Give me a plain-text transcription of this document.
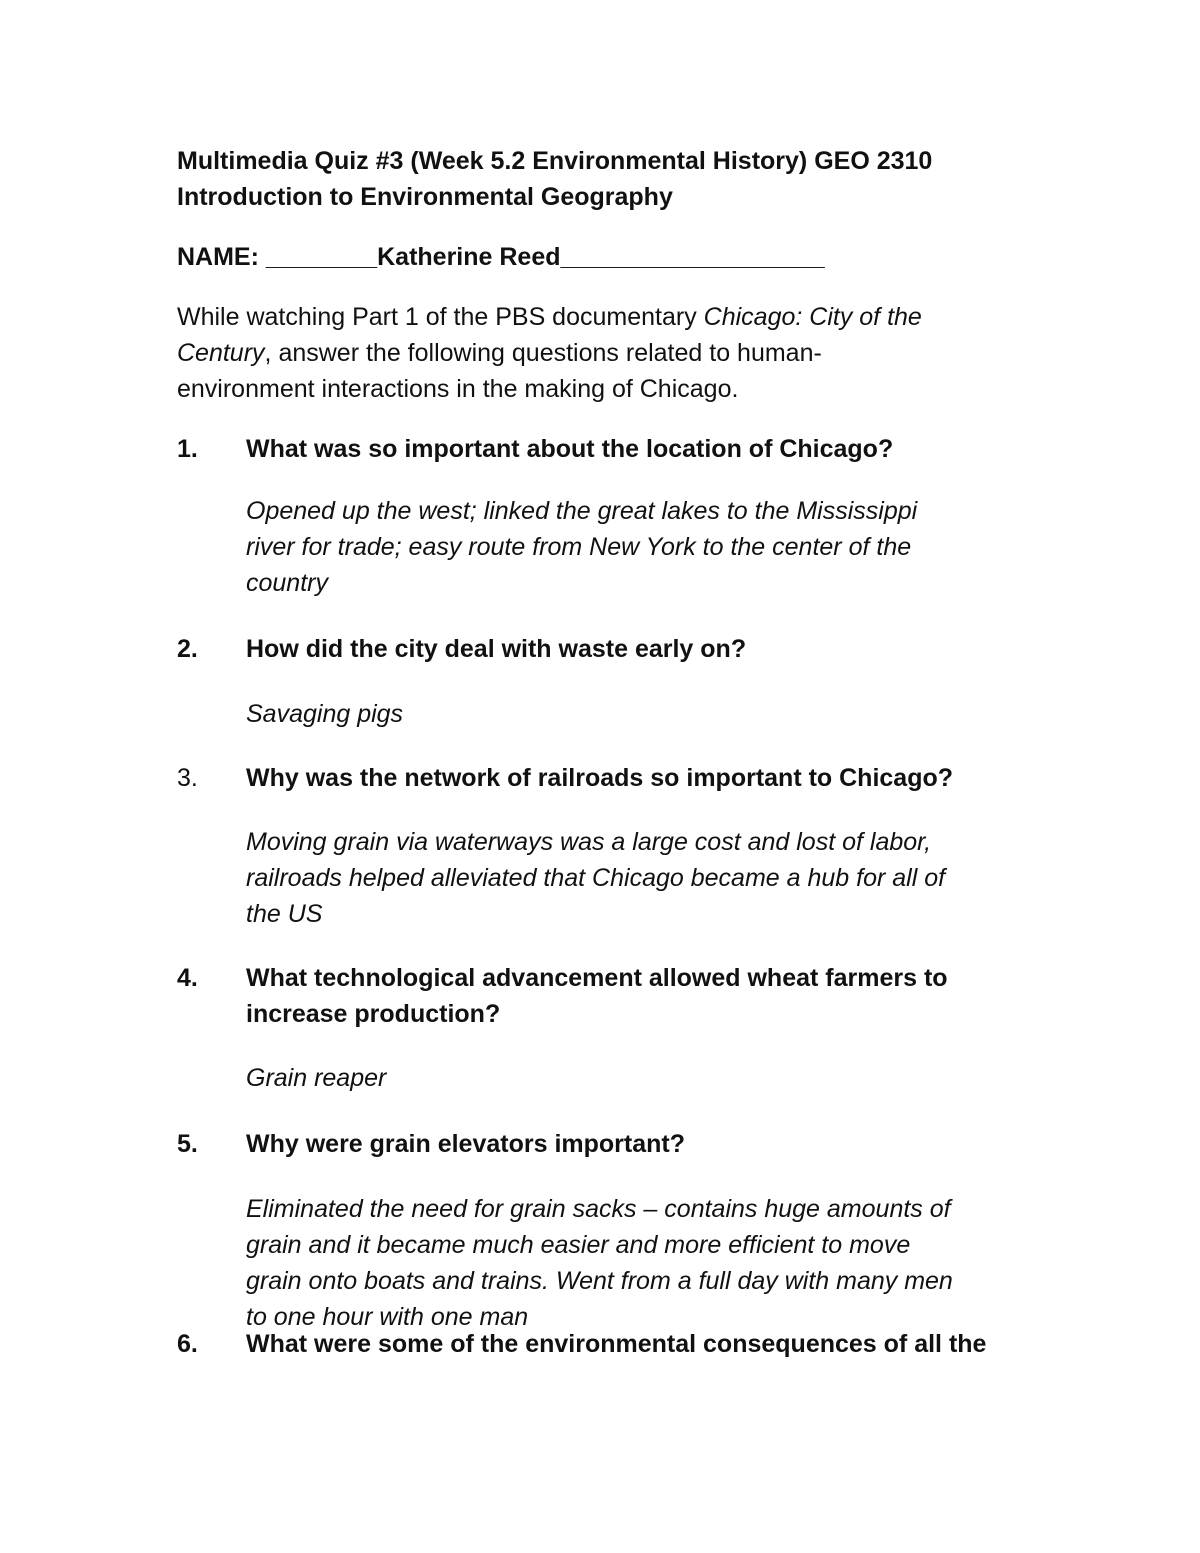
Multimedia Quiz #3 (Week 5.2 Environmental History) GEO 2310
Introduction to Environmental Geography
NAME: ________Katherine Reed___________________
While watching Part 1 of the PBS documentary Chicago: City of the
Century, answer the following questions related to human-
environment interactions in the making of Chicago.
1. What was so important about the location of Chicago?
Opened up the west; linked the great lakes to the Mississippi
river for trade; easy route from New York to the center of the
country
2. How did the city deal with waste early on?
Savaging pigs
3. Why was the network of railroads so important to Chicago?
Moving grain via waterways was a large cost and lost of labor,
railroads helped alleviated that Chicago became a hub for all of
the US
4. What technological advancement allowed wheat farmers to
increase production?
Grain reaper
5. Why were grain elevators important?
Eliminated the need for grain sacks – contains huge amounts of
grain and it became much easier and more efficient to move
grain onto boats and trains. Went from a full day with many men
to one hour with one man
6. What were some of the environmental consequences of all the
